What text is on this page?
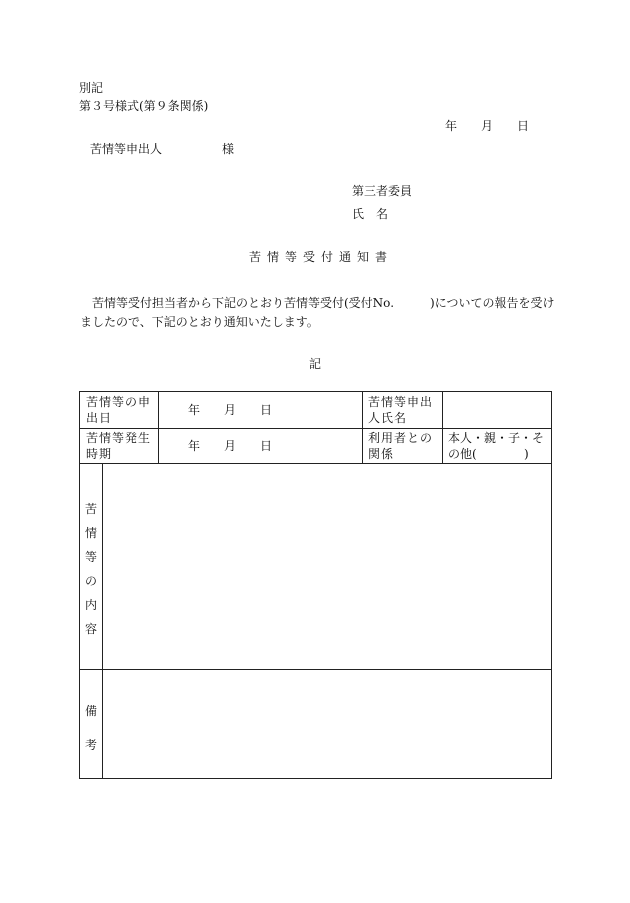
別記
第３号様式(第９条関係)
年　　月　　日
苦情等申出人　　　　　様
第三者委員
氏　名
苦情等受付通知書
苦情等受付担当者から下記のとおり苦情等受付(受付No.　　　)についての報告を受けましたので、下記のとおり通知いたします。
記
苦情等の申出日
年　　月　　日
苦情等申出人氏名
苦情等発生時期
年　　月　　日
利用者との関係
本人・親・子・その他(	)
苦
情
等
の
内
容
備
考
